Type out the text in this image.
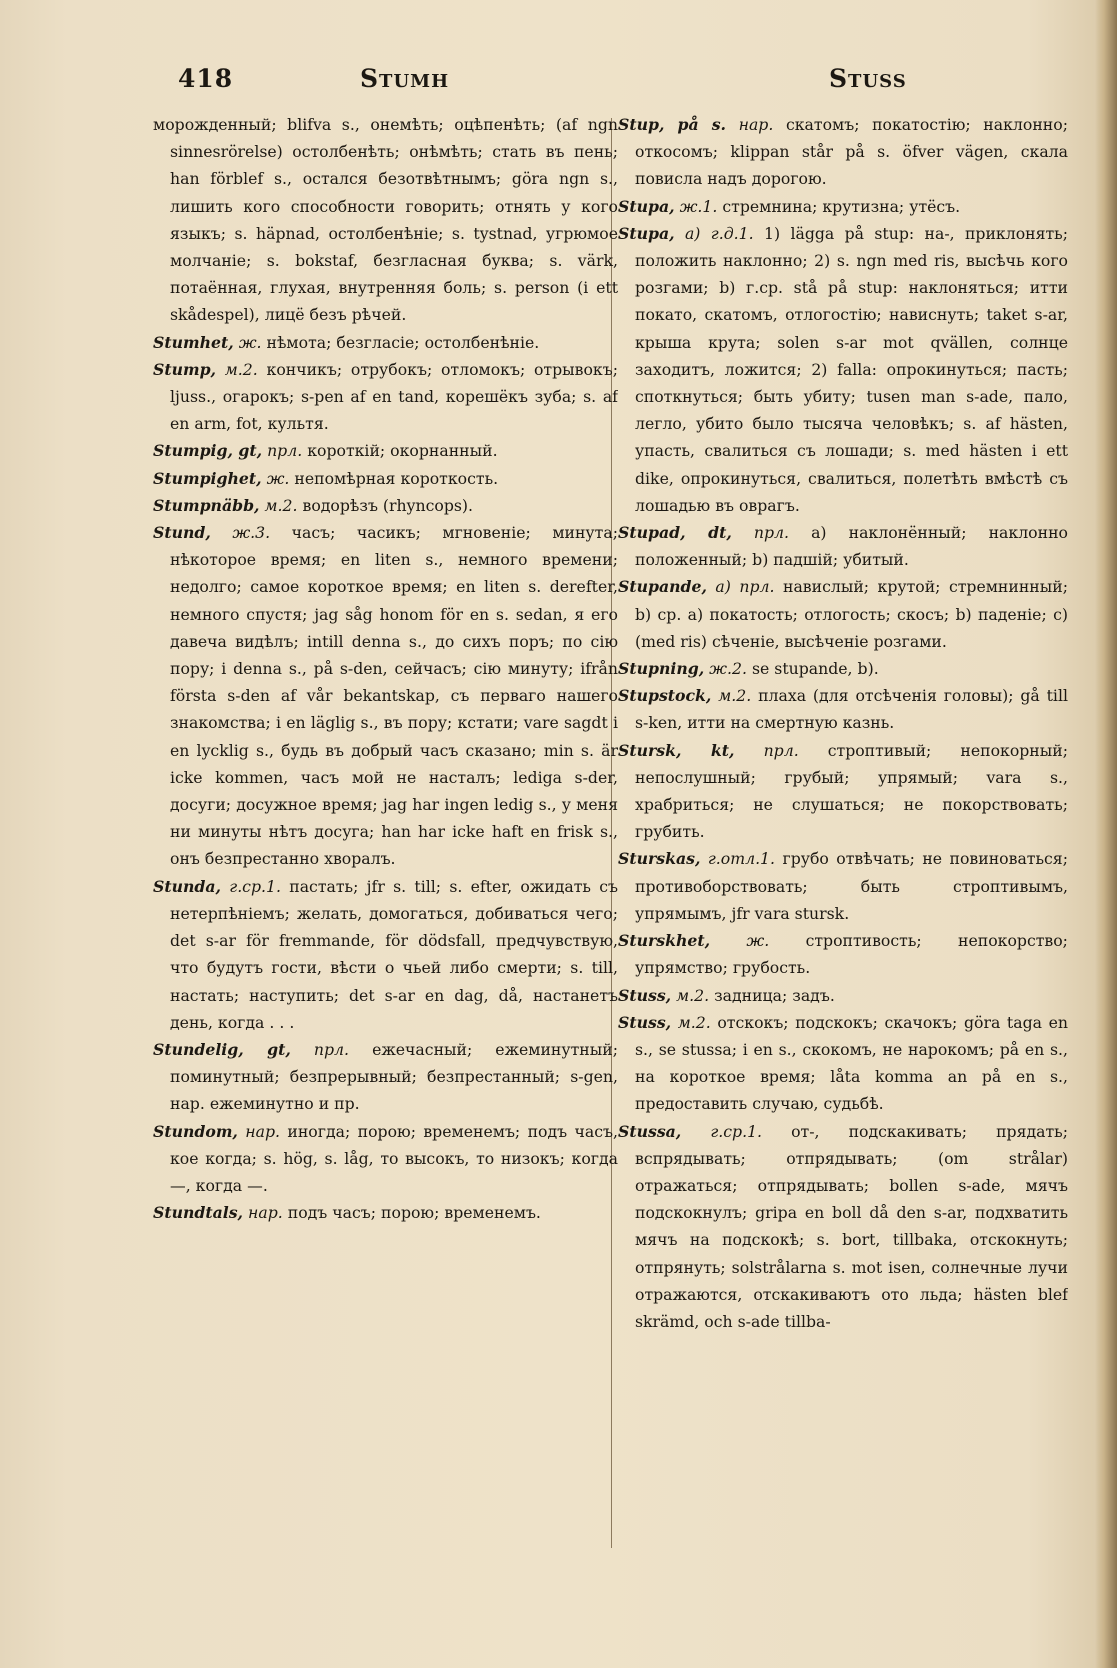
418	Stumh	Stuss

морожденный; blifva s., онемѣть; оцѣпенѣть; (af ngn sinnesrörelse) остолбенѣть; онѣмѣть; стать въ пень; han förblef s., остался безотвѣтнымъ; göra ngn s., лишить кого способности говорить; отнять у кого языкъ; s. häpnad, остолбенѣніе; s. tystnad, угрюмое молчаніе; s. bokstaf, безгласная буква; s. värk, потаённая, глухая, внутренняя боль; s. person (i ett skådespel), лицё безъ рѣчей.

Stumhet, ж. нѣмота; безгласіе; остолбенѣніе.

Stump, м.2. кончикъ; отрубокъ; отломокъ; отрывокъ; ljuss., огарокъ; s-pen af en tand, корешёкъ зуба; s. af en arm, fot, культя.

Stumpig, gt, прл. короткій; окорнанный.

Stumpighet, ж. непомѣрная короткость.

Stumpnäbb, м.2. водорѣзъ (rhyncops).

Stund, ж.3. часъ; часикъ; мгновеніе; минута; нѣкоторое время; en liten s., немного времени; недолго; самое короткое время; en liten s. derefter, немного спустя; jag såg honom för en s. sedan, я его давеча видѣлъ; intill denna s., до сихъ поръ; по сію пору; i denna s., på s-den, сейчасъ; сію минуту; ifrån första s-den af vår bekantskap, съ перваго нашего знакомства; i en läglig s., въ пору; кстати; vare sagdt i en lycklig s., будь въ добрый часъ сказано; min s. är icke kommen, часъ мой не насталъ; lediga s-der, досуги; досужное время; jag har ingen ledig s., у меня ни минуты нѣтъ досуга; han har icke haft en frisk s., онъ безпрестанно хворалъ.

Stunda, г.ср.1. пастать; jfr s. till; s. efter, ожидать съ нетерпѣніемъ; желать, домогаться, добиваться чего; det s-ar för fremmande, för dödsfall, предчувствую, что будутъ гости, вѣсти о чьей либо смерти; s. till, настать; наступить; det s-ar en dag, då, настанетъ день, когда . . .

Stundelig, gt, прл. ежечасный; ежеминутный; поминутный; безпрерывный; безпрестанный; s-gen, нар. ежеминутно и пр.

Stundom, нар. иногда; порою; временемъ; подъ часъ, кое когда; s. hög, s. låg, то высокъ, то низокъ; когда —, когда —.

Stundtals, нар. подъ часъ; порою; временемъ.

Stup, på s. нар. скатомъ; покатостію; наклонно; откосомъ; klippan står på s. öfver vägen, скала повисла надъ дорогою.

Stupa, ж.1. стремнина; крутизна; утёсъ.

Stupa, a) г.д.1. 1) lägga på stup: на-, приклонять; положить наклонно; 2) s. ngn med ris, высѣчь кого розгами; b) г.ср. stå på stup: наклоняться; итти покато, скатомъ, отлогостію; нависнуть; taket s-ar, крыша крута; solen s-ar mot qvällen, солнце заходитъ, ложится; 2) falla: опрокинуться; пасть; споткнуться; быть убиту; tusen man s-ade, пало, легло, убито было тысяча человѣкъ; s. af hästen, упасть, свалиться съ лошади; s. med hästen i ett dike, опрокинуться, свалиться, полетѣть вмѣстѣ съ лошадью въ оврагъ.

Stupad, dt, прл. a) наклонённый; наклонно положенный; b) падшій; убитый.

Stupande, a) прл. навислый; крутой; стремнинный; b) ср. a) покатость; отлогость; скосъ; b) паденіе; c) (med ris) сѣченіе, высѣченіе розгами.

Stupning, ж.2. se stupande, b).

Stupstock, м.2. плаха (для отсѣченія головы); gå till s-ken, итти на смертную казнь.

Stursk, kt, прл. строптивый; непокорный; непослушный; грубый; упрямый; vara s., храбриться; не слушаться; не покорствовать; грубить.

Sturskas, г.отл.1. грубо отвѣчать; не повиноваться; противоборствовать; быть строптивымъ, упрямымъ, jfr vara stursk.

Sturskhet, ж. строптивость; непокорство; упрямство; грубость.

Stuss, м.2. задница; задъ.

Stuss, м.2. отскокъ; подскокъ; скачокъ; göra taga en s., se stussa; i en s., скокомъ, не нарокомъ; på en s., на короткое время; låta komma an på en s., предоставить случаю, судьбѣ.

Stussa, г.ср.1. от-, подскакивать; прядать; вспрядывать; отпрядывать; (om strålar) отражаться; отпрядывать; bollen s-ade, мячъ подскокнулъ; gripa en boll då den s-ar, подхватить мячъ на подскокѣ; s. bort, tillbaka, отскокнуть; отпрянуть; solstrålarna s. mot isen, солнечные лучи отражаются, отскакиваютъ ото льда; hästen blef skrämd, och s-ade tillba-
